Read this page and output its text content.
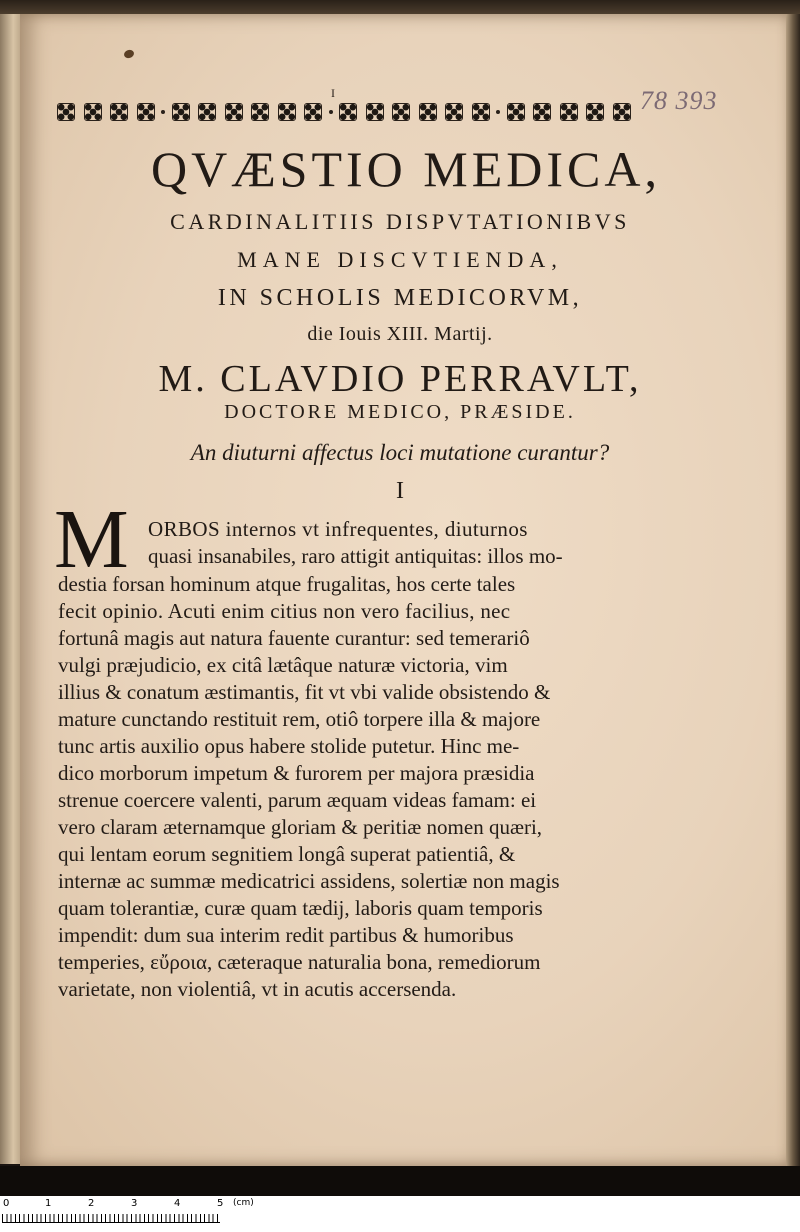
I	78 393
QVÆSTIO MEDICA,
CARDINALITIIS DISPVTATIONIBVS
MANE DISCVTIENDA,
IN SCHOLIS MEDICORVM,
die Iouis XIII. Martij.
M. CLAVDIO PERRAVLT,
DOCTORE MEDICO, PRÆSIDE.
An diuturni affectus loci mutatione curantur?
I
M ORBOS internos vt infrequentes, diuturnos
quasi insanabiles, raro attigit antiquitas: illos mo-
destia forsan hominum atque frugalitas, hos certe tales
fecit opinio. Acuti enim citius non vero facilius, nec
fortunâ magis aut natura fauente curantur: sed temerariô
vulgi præjudicio, ex citâ lætâque naturæ victoria, vim
illius & conatum æstimantis, fit vt vbi valide obsistendo &
mature cunctando restituit rem, otiô torpere illa & majore
tunc artis auxilio opus habere stolide putetur. Hinc me-
dico morborum impetum & furorem per majora præsidia
strenue coercere valenti, parum æquam videas famam: ei
vero claram æternamque gloriam & peritiæ nomen quæri,
qui lentam eorum segnitiem longâ superat patientiâ, &
internæ ac summæ medicatrici assidens, solertiæ non magis
quam tolerantiæ, curæ quam tædij, laboris quam temporis
impendit: dum sua interim redit partibus & humoribus
temperies, εὔροια, cæteraque naturalia bona, remediorum
varietate, non violentiâ, vt in acutis accersenda.
0	1	2	3	4	5 (cm)
